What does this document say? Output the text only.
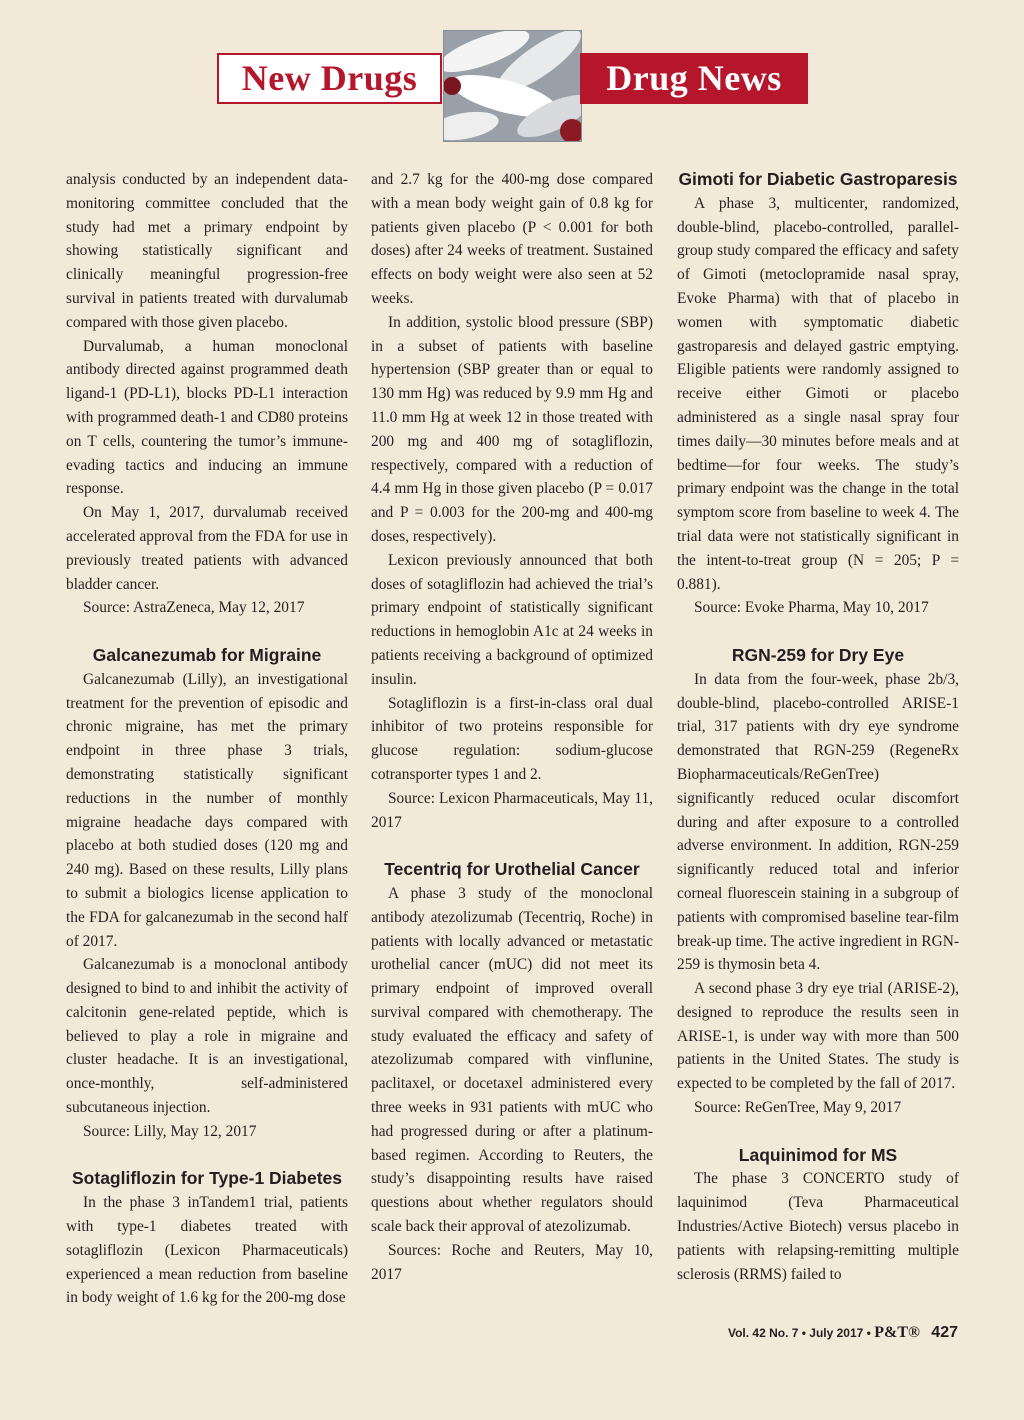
New Drugs	Drug News

analysis conducted by an independent data-monitoring committee concluded that the study had met a primary endpoint by showing statistically significant and clinically meaningful progression-free survival in patients treated with durvalumab compared with those given placebo.

Durvalumab, a human monoclonal antibody directed against programmed death ligand-1 (PD-L1), blocks PD-L1 interaction with programmed death-1 and CD80 proteins on T cells, countering the tumor’s immune-evading tactics and inducing an immune response.

On May 1, 2017, durvalumab received accelerated approval from the FDA for use in previously treated patients with advanced bladder cancer.

Source: AstraZeneca, May 12, 2017

Galcanezumab for Migraine

Galcanezumab (Lilly), an investigational treatment for the prevention of episodic and chronic migraine, has met the primary endpoint in three phase 3 trials, demonstrating statistically significant reductions in the number of monthly migraine headache days compared with placebo at both studied doses (120 mg and 240 mg). Based on these results, Lilly plans to submit a biologics license application to the FDA for galcanezumab in the second half of 2017.

Galcanezumab is a monoclonal antibody designed to bind to and inhibit the activity of calcitonin gene-related peptide, which is believed to play a role in migraine and cluster headache. It is an investigational, once-monthly, self-administered subcutaneous injection.

Source: Lilly, May 12, 2017

Sotagliflozin for Type-1 Diabetes

In the phase 3 inTandem1 trial, patients with type-1 diabetes treated with sotagliflozin (Lexicon Pharmaceuticals) experienced a mean reduction from baseline in body weight of 1.6 kg for the 200-mg dose

and 2.7 kg for the 400-mg dose compared with a mean body weight gain of 0.8 kg for patients given placebo (P < 0.001 for both doses) after 24 weeks of treatment. Sustained effects on body weight were also seen at 52 weeks.

In addition, systolic blood pressure (SBP) in a subset of patients with baseline hypertension (SBP greater than or equal to 130 mm Hg) was reduced by 9.9 mm Hg and 11.0 mm Hg at week 12 in those treated with 200 mg and 400 mg of sotagliflozin, respectively, compared with a reduction of 4.4 mm Hg in those given placebo (P = 0.017 and P = 0.003 for the 200-mg and 400-mg doses, respectively).

Lexicon previously announced that both doses of sotagliflozin had achieved the trial’s primary endpoint of statistically significant reductions in hemoglobin A1c at 24 weeks in patients receiving a background of optimized insulin.

Sotagliflozin is a first-in-class oral dual inhibitor of two proteins responsible for glucose regulation: sodium-glucose cotransporter types 1 and 2.

Source: Lexicon Pharmaceuticals, May 11, 2017

Tecentriq for Urothelial Cancer

A phase 3 study of the monoclonal antibody atezolizumab (Tecentriq, Roche) in patients with locally advanced or metastatic urothelial cancer (mUC) did not meet its primary endpoint of improved overall survival compared with chemotherapy. The study evaluated the efficacy and safety of atezolizumab compared with vinflunine, paclitaxel, or docetaxel administered every three weeks in 931 patients with mUC who had progressed during or after a platinum-based regimen. According to Reuters, the study’s disappointing results have raised questions about whether regulators should scale back their approval of atezolizumab.

Sources: Roche and Reuters, May 10, 2017

Gimoti for Diabetic Gastroparesis

A phase 3, multicenter, randomized, double-blind, placebo-controlled, parallel-group study compared the efficacy and safety of Gimoti (metoclopramide nasal spray, Evoke Pharma) with that of placebo in women with symptomatic diabetic gastroparesis and delayed gastric emptying. Eligible patients were randomly assigned to receive either Gimoti or placebo administered as a single nasal spray four times daily—30 minutes before meals and at bedtime—for four weeks. The study’s primary endpoint was the change in the total symptom score from baseline to week 4. The trial data were not statistically significant in the intent-to-treat group (N = 205; P = 0.881).

Source: Evoke Pharma, May 10, 2017

RGN-259 for Dry Eye

In data from the four-week, phase 2b/3, double-blind, placebo-controlled ARISE-1 trial, 317 patients with dry eye syndrome demonstrated that RGN-259 (RegeneRx Biopharmaceuticals/ReGenTree) significantly reduced ocular discomfort during and after exposure to a controlled adverse environment. In addition, RGN-259 significantly reduced total and inferior corneal fluorescein staining in a subgroup of patients with compromised baseline tear-film break-up time. The active ingredient in RGN-259 is thymosin beta 4.

A second phase 3 dry eye trial (ARISE-2), designed to reproduce the results seen in ARISE-1, is under way with more than 500 patients in the United States. The study is expected to be completed by the fall of 2017.

Source: ReGenTree, May 9, 2017

Laquinimod for MS

The phase 3 CONCERTO study of laquinimod (Teva Pharmaceutical Industries/Active Biotech) versus placebo in patients with relapsing-remitting multiple sclerosis (RRMS) failed to

Vol. 42 No. 7 • July 2017 • P&T® 427
